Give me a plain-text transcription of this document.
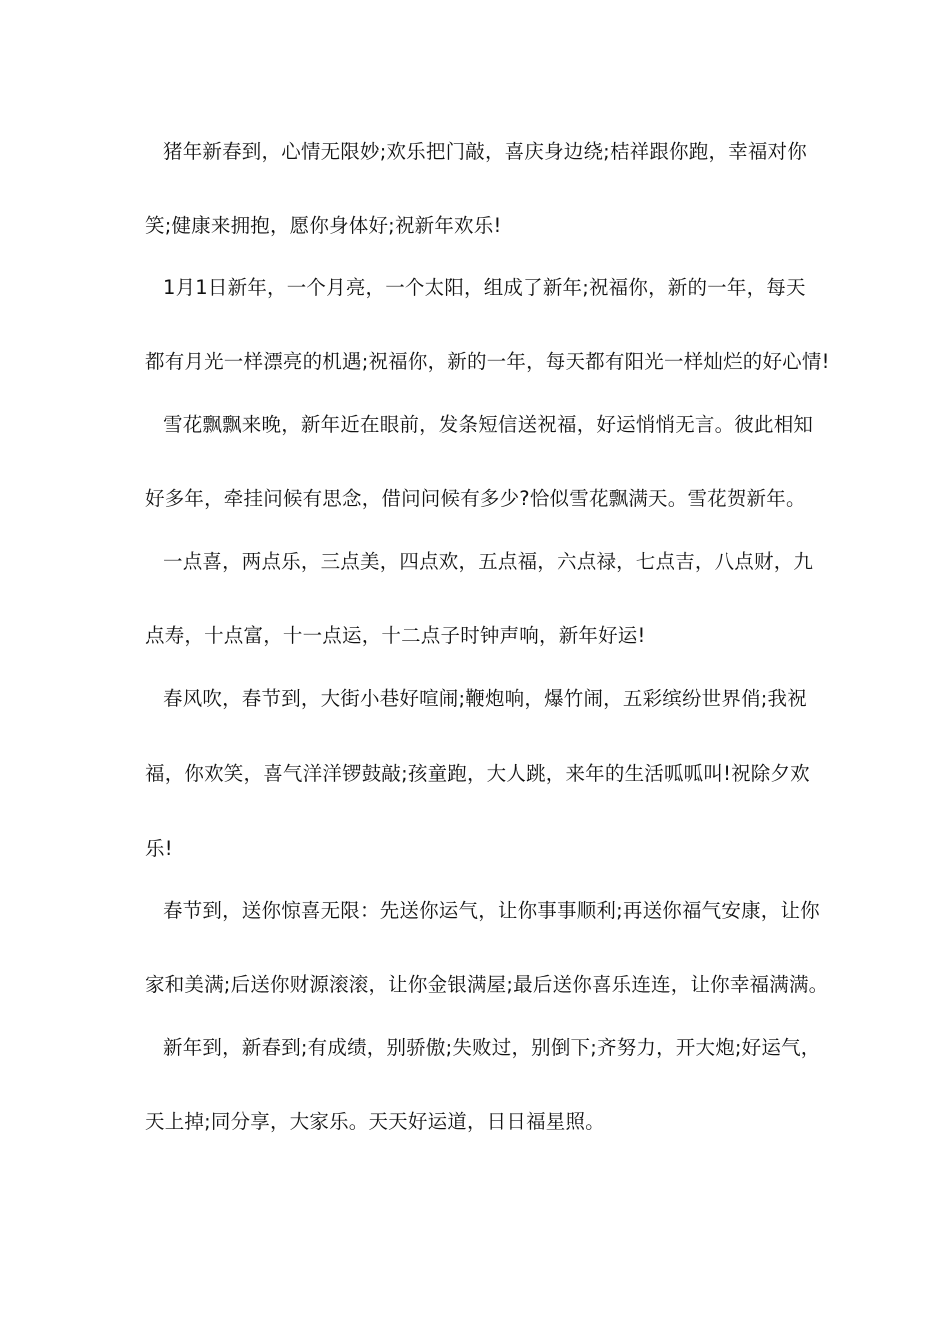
猪年新春到，心情无限妙;欢乐把门敲，喜庆身边绕;桔祥跟你跑，幸福对你
笑;健康来拥抱，愿你身体好;祝新年欢乐!
1月1日新年，一个月亮，一个太阳，组成了新年;祝福你，新的一年，每天
都有月光一样漂亮的机遇;祝福你，新的一年，每天都有阳光一样灿烂的好心情!
雪花飘飘来晚，新年近在眼前，发条短信送祝福，好运悄悄无言。彼此相知
好多年，牵挂问候有思念，借问问候有多少?恰似雪花飘满天。雪花贺新年。
一点喜，两点乐，三点美，四点欢，五点福，六点禄，七点吉，八点财，九
点寿，十点富，十一点运，十二点子时钟声响，新年好运!
春风吹，春节到，大街小巷好喧闹;鞭炮响，爆竹闹，五彩缤纷世界俏;我祝
福，你欢笑，喜气洋洋锣鼓敲;孩童跑，大人跳，来年的生活呱呱叫!祝除夕欢
乐!
春节到，送你惊喜无限：先送你运气，让你事事顺利;再送你福气安康，让你
家和美满;后送你财源滚滚，让你金银满屋;最后送你喜乐连连，让你幸福满满。
新年到，新春到;有成绩，别骄傲;失败过，别倒下;齐努力，开大炮;好运气，
天上掉;同分享，大家乐。天天好运道，日日福星照。
